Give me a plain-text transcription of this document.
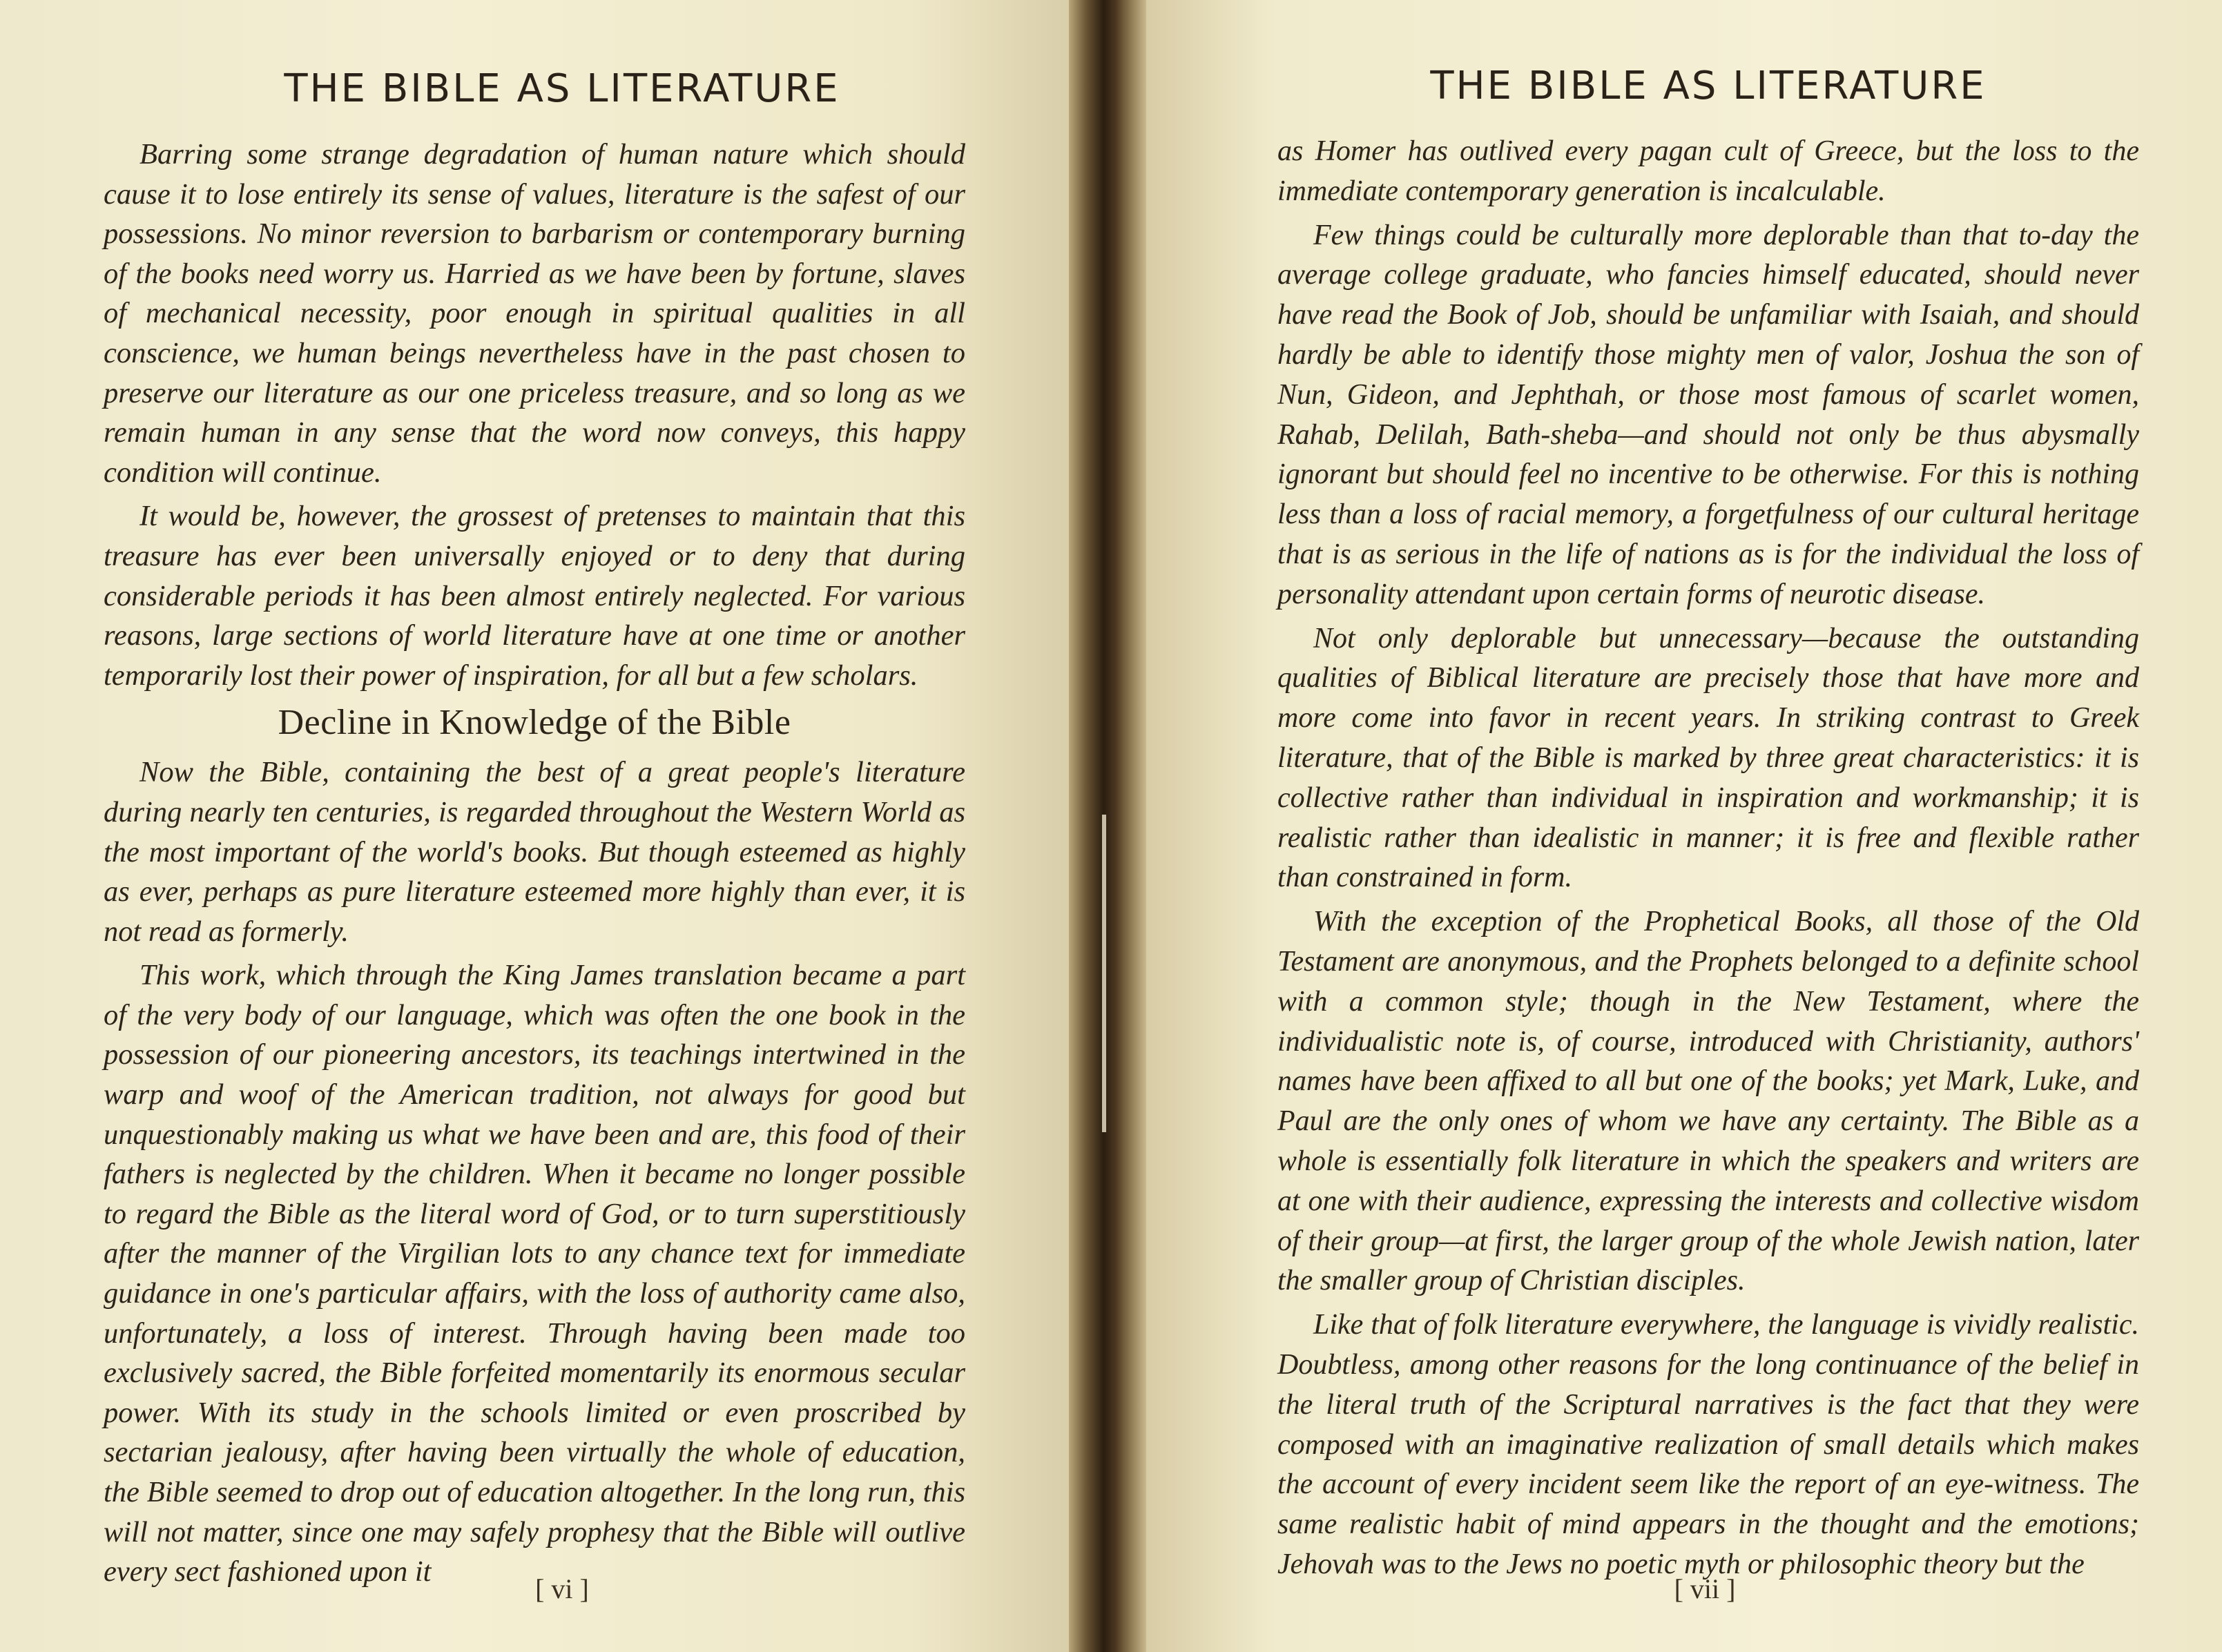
THE BIBLE AS LITERATURE

Barring some strange degradation of human nature which should cause it to lose entirely its sense of values, literature is the safest of our possessions. No minor reversion to barbarism or contemporary burning of the books need worry us. Harried as we have been by fortune, slaves of mechanical necessity, poor enough in spiritual qualities in all conscience, we human beings nevertheless have in the past chosen to preserve our literature as our one priceless treasure, and so long as we remain human in any sense that the word now conveys, this happy condition will continue.

It would be, however, the grossest of pretenses to maintain that this treasure has ever been universally enjoyed or to deny that during considerable periods it has been almost entirely neglected. For various reasons, large sections of world literature have at one time or another temporarily lost their power of inspiration, for all but a few scholars.

Decline in Knowledge of the Bible

Now the Bible, containing the best of a great people's literature during nearly ten centuries, is regarded throughout the Western World as the most important of the world's books. But though esteemed as highly as ever, perhaps as pure literature esteemed more highly than ever, it is not read as formerly.

This work, which through the King James translation became a part of the very body of our language, which was often the one book in the possession of our pioneering ancestors, its teachings intertwined in the warp and woof of the American tradition, not always for good but unquestionably making us what we have been and are, this food of their fathers is neglected by the children. When it became no longer possible to regard the Bible as the literal word of God, or to turn superstitiously after the manner of the Virgilian lots to any chance text for immediate guidance in one's particular affairs, with the loss of authority came also, unfortunately, a loss of interest. Through having been made too exclusively sacred, the Bible forfeited momentarily its enormous secular power. With its study in the schools limited or even proscribed by sectarian jealousy, after having been virtually the whole of education, the Bible seemed to drop out of education altogether. In the long run, this will not matter, since one may safely prophesy that the Bible will outlive every sect fashioned upon it

[ vi ]
THE BIBLE AS LITERATURE

as Homer has outlived every pagan cult of Greece, but the loss to the immediate contemporary generation is incalculable.

Few things could be culturally more deplorable than that to-day the average college graduate, who fancies himself educated, should never have read the Book of Job, should be unfamiliar with Isaiah, and should hardly be able to identify those mighty men of valor, Joshua the son of Nun, Gideon, and Jephthah, or those most famous of scarlet women, Rahab, Delilah, Bath-sheba—and should not only be thus abysmally ignorant but should feel no incentive to be otherwise. For this is nothing less than a loss of racial memory, a forgetfulness of our cultural heritage that is as serious in the life of nations as is for the individual the loss of personality attendant upon certain forms of neurotic disease.

Not only deplorable but unnecessary—because the outstanding qualities of Biblical literature are precisely those that have more and more come into favor in recent years. In striking contrast to Greek literature, that of the Bible is marked by three great characteristics: it is collective rather than individual in inspiration and workmanship; it is realistic rather than idealistic in manner; it is free and flexible rather than constrained in form.

With the exception of the Prophetical Books, all those of the Old Testament are anonymous, and the Prophets belonged to a definite school with a common style; though in the New Testament, where the individualistic note is, of course, introduced with Christianity, authors' names have been affixed to all but one of the books; yet Mark, Luke, and Paul are the only ones of whom we have any certainty. The Bible as a whole is essentially folk literature in which the speakers and writers are at one with their audience, expressing the interests and collective wisdom of their group—at first, the larger group of the whole Jewish nation, later the smaller group of Christian disciples.

Like that of folk literature everywhere, the language is vividly realistic. Doubtless, among other reasons for the long continuance of the belief in the literal truth of the Scriptural narratives is the fact that they were composed with an imaginative realization of small details which makes the account of every incident seem like the report of an eye-witness. The same realistic habit of mind appears in the thought and the emotions; Jehovah was to the Jews no poetic myth or philosophic theory but the

[ vii ]
